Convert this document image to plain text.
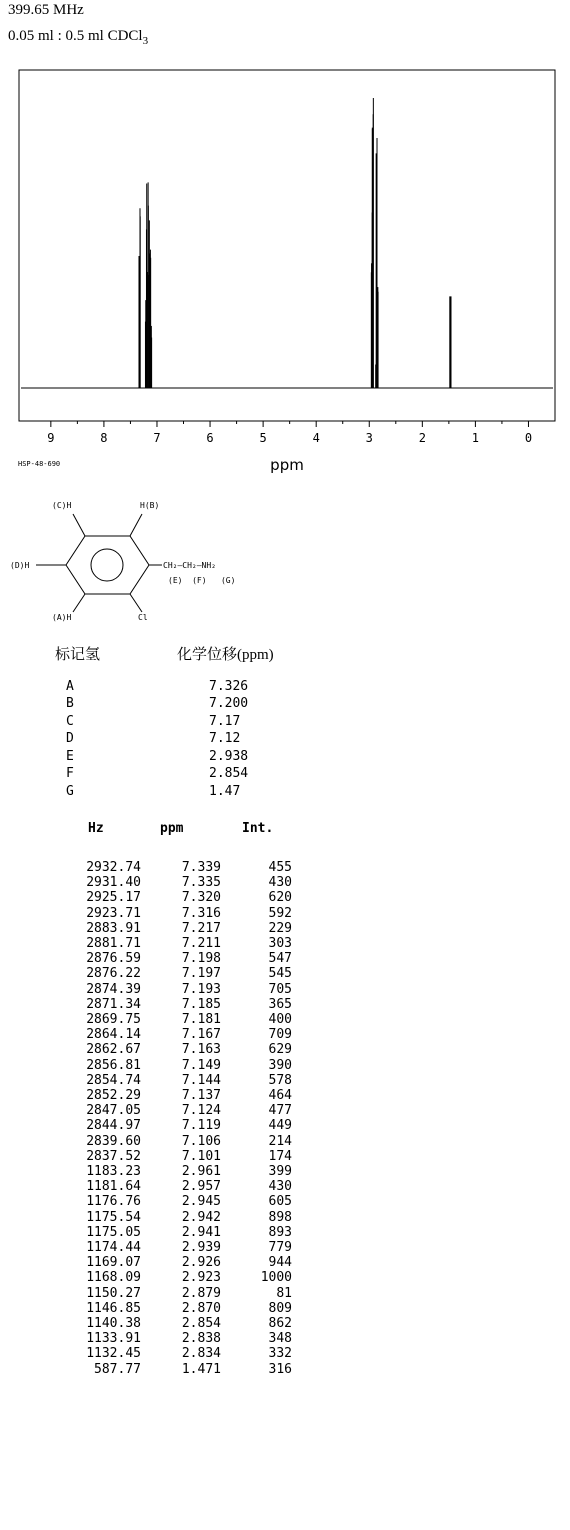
399.65 MHz
0.05 ml : 0.5 ml CDCl$_3$
9	8	7	6	5	4	3	2	1	0
ppm
HSP-48-690
(C)H	H(B)
(D)H
(A)H	Cl
CH₂—CH₂—NH₂
(E)  (F)   (G)
标记氢	化学位移(ppm)
A	7.326
B	7.200
C	7.17
D	7.12
E	2.938
F	2.854
G	1.47
Hz	ppm	Int.
2932.74	7.339	455
2931.40	7.335	430
2925.17	7.320	620
2923.71	7.316	592
2883.91	7.217	229
2881.71	7.211	303
2876.59	7.198	547
2876.22	7.197	545
2874.39	7.193	705
2871.34	7.185	365
2869.75	7.181	400
2864.14	7.167	709
2862.67	7.163	629
2856.81	7.149	390
2854.74	7.144	578
2852.29	7.137	464
2847.05	7.124	477
2844.97	7.119	449
2839.60	7.106	214
2837.52	7.101	174
1183.23	2.961	399
1181.64	2.957	430
1176.76	2.945	605
1175.54	2.942	898
1175.05	2.941	893
1174.44	2.939	779
1169.07	2.926	944
1168.09	2.923	1000
1150.27	2.879	81
1146.85	2.870	809
1140.38	2.854	862
1133.91	2.838	348
1132.45	2.834	332
587.77	1.471	316
